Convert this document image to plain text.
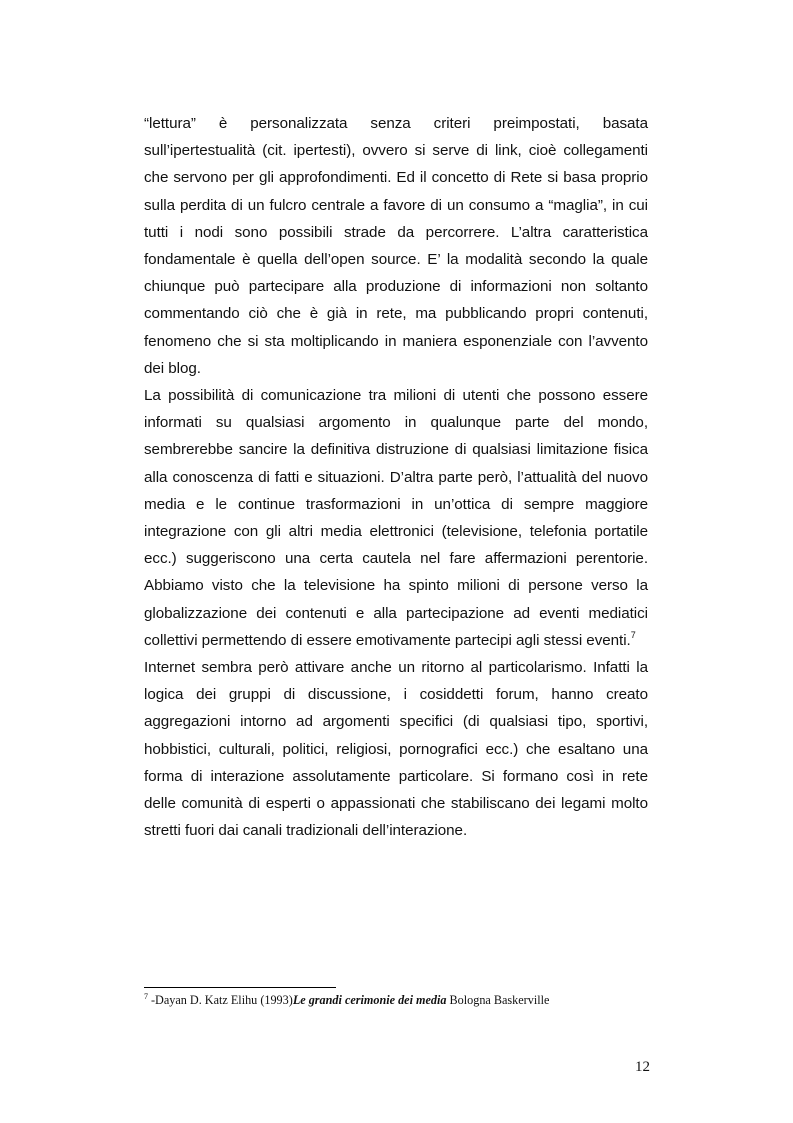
“lettura” è personalizzata senza criteri preimpostati, basata sull’ipertestualità (cit. ipertesti), ovvero si serve di link, cioè collegamenti che servono per gli approfondimenti. Ed il concetto di Rete si basa proprio sulla perdita di un fulcro centrale a favore di un consumo a “maglia”, in cui tutti i nodi sono possibili strade da percorrere. L’altra caratteristica fondamentale è quella dell’open source. E’ la modalità secondo la quale chiunque può partecipare alla produzione di informazioni non soltanto commentando ciò che è già in rete, ma pubblicando propri contenuti, fenomeno che si sta moltiplicando in maniera esponenziale con l’avvento dei blog.

La possibilità di comunicazione tra milioni di utenti che possono essere informati su qualsiasi argomento in qualunque parte del mondo, sembrerebbe sancire la definitiva distruzione di qualsiasi limitazione fisica alla conoscenza di fatti e situazioni. D’altra parte però, l’attualità del nuovo media e le continue trasformazioni in un’ottica di sempre maggiore integrazione con gli altri media elettronici (televisione, telefonia portatile ecc.) suggeriscono una certa cautela nel fare affermazioni perentorie. Abbiamo visto che la televisione ha spinto milioni di persone verso la globalizzazione dei contenuti e alla partecipazione ad eventi mediatici collettivi permettendo di essere emotivamente partecipi agli stessi eventi.$^7$

Internet sembra però attivare anche un ritorno al particolarismo. Infatti la logica dei gruppi di discussione, i cosiddetti forum, hanno creato aggregazioni intorno ad argomenti specifici (di qualsiasi tipo, sportivi, hobbistici, culturali, politici, religiosi, pornografici ecc.) che esaltano una forma di interazione assolutamente particolare. Si formano così in rete delle comunità di esperti o appassionati che stabiliscano dei legami molto stretti fuori dai canali tradizionali dell’interazione.

$^7$ -Dayan D. Katz Elihu (1993)Le grandi cerimonie dei media Bologna Baskerville
12
